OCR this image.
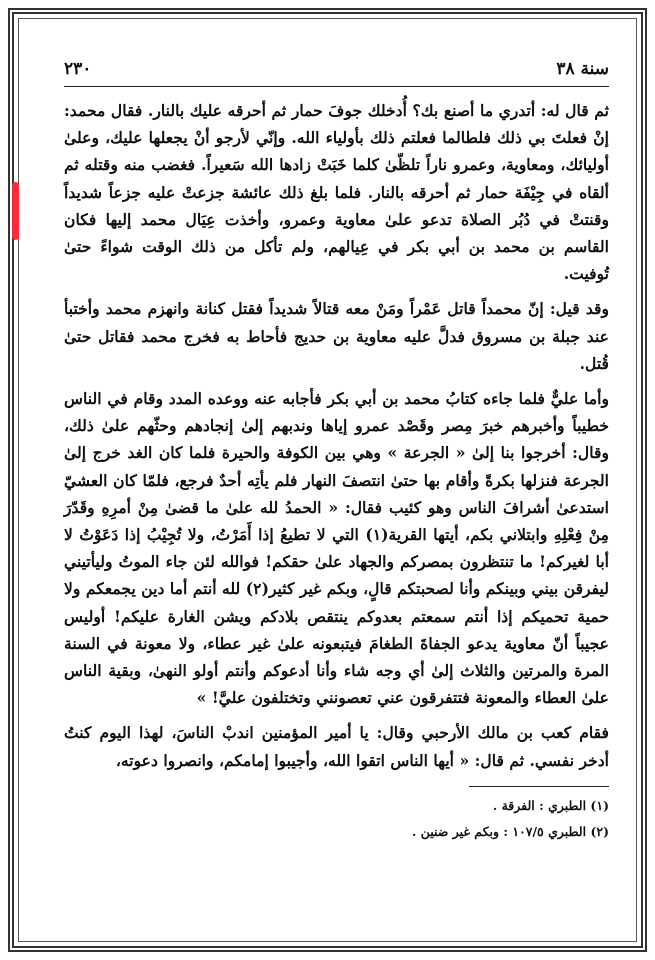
سنة ٣٨
٢٣٠

ثم قال له: أتدري ما أصنع بك؟ أُدخلك جوفَ حمار ثم أحرقه عليك بالنار. فقال محمد: إنْ فعلتَ بي ذلك فلطالما فعلتم ذلك بأولياء الله. وإنّي لأرجو أنْ يجعلها عليك، وعلىٰ أوليائك، ومعاوية، وعمرو ناراً تلظّىٰ كلما خَبَتْ زادها الله سَعيراً. فغضب منه وقتله ثم ألقاه في جِيْفَة حمار ثم أحرقه بالنار. فلما بلغ ذلك عائشة جزعتْ عليه جزعاً شديداً وقنتتْ في دُبُر الصلاة تدعو علىٰ معاوية وعمرو، وأخذت عِيَال محمد إليها فكان القاسم بن محمد بن أبي بكر في عِيالهم، ولم تأكل من ذلك الوقت شواءً حتىٰ تُوفيت.

وقد قيل: إنّ محمداً قاتل عَمْراً ومَنْ معه قتالاً شديداً فقتل كنانة وانهزم محمد وأختبأ عند جبلة بن مسروق فدلَّ عليه معاوية بن حديج فأحاط به فخرج محمد فقاتل حتىٰ قُتل.

وأما عليٌّ فلما جاءه كتابُ محمد بن أبي بكر فأجابه عنه ووعده المدد وقام في الناس خطيباً وأخبرهم خبرَ مِصر وقَصْد عمرو إياها وندبهم إلىٰ إنجادهم وحثّهم علىٰ ذلك، وقال: أخرجوا بنا إلىٰ « الجرعة » وهي بين الكوفة والحيرة فلما كان الغد خرج إلىٰ الجرعة فنزلها بكرةً وأقام بها حتىٰ انتصفَ النهار فلم يأتِه أحدٌ فرجع، فلمّا كان العشيّ استدعىٰ أشرافَ الناس وهو كئيب فقال: « الحمدُ لله علىٰ ما قضىٰ مِنْ أمرِهِ وقَدّرَ مِنْ فِعْلِهِ وابتلاني بكم، أيتها القرية(١) التي لا تطيعُ إذا أَمَرْتُ، ولا تُجِيْبُ إذا دَعَوْتُ لا أبا لغيركم! ما تنتظرون بمصركم والجهاد علىٰ حقكم! فوالله لئن جاء الموتُ وليأتيني ليفرقن بيني وبينكم وأنا لصحبتكم قالٍ، وبكم غير كثير(٢) لله أنتم أما دين يجمعكم ولا حمية تحميكم إذا أنتم سمعتم بعدوكم ينتقص بلادكم ويشن الغارة عليكم! أوليس عجيباً أنّ معاوية يدعو الجفاةَ الطغامَ فيتبعونه علىٰ غير عطاء، ولا معونة في السنة المرة والمرتين والثلاث إلىٰ أي وجه شاء وأنا أدعوكم وأنتم أولو النهىٰ، وبقية الناس علىٰ العطاء والمعونة فتتفرقون عني تعصونني وتختلفون عليَّ! »

فقام كعب بن مالك الأرحبي وقال: يا أمير المؤمنين اندبْ الناسَ، لهذا اليوم كنتُ أدخر نفسي. ثم قال: « أيها الناس اتقوا الله، وأجيبوا إمامكم، وانصروا دعوته،

(١) الطبري : الفرقة .

(٢) الطبري ١٠٧/٥ : وبكم غير ضنين .
